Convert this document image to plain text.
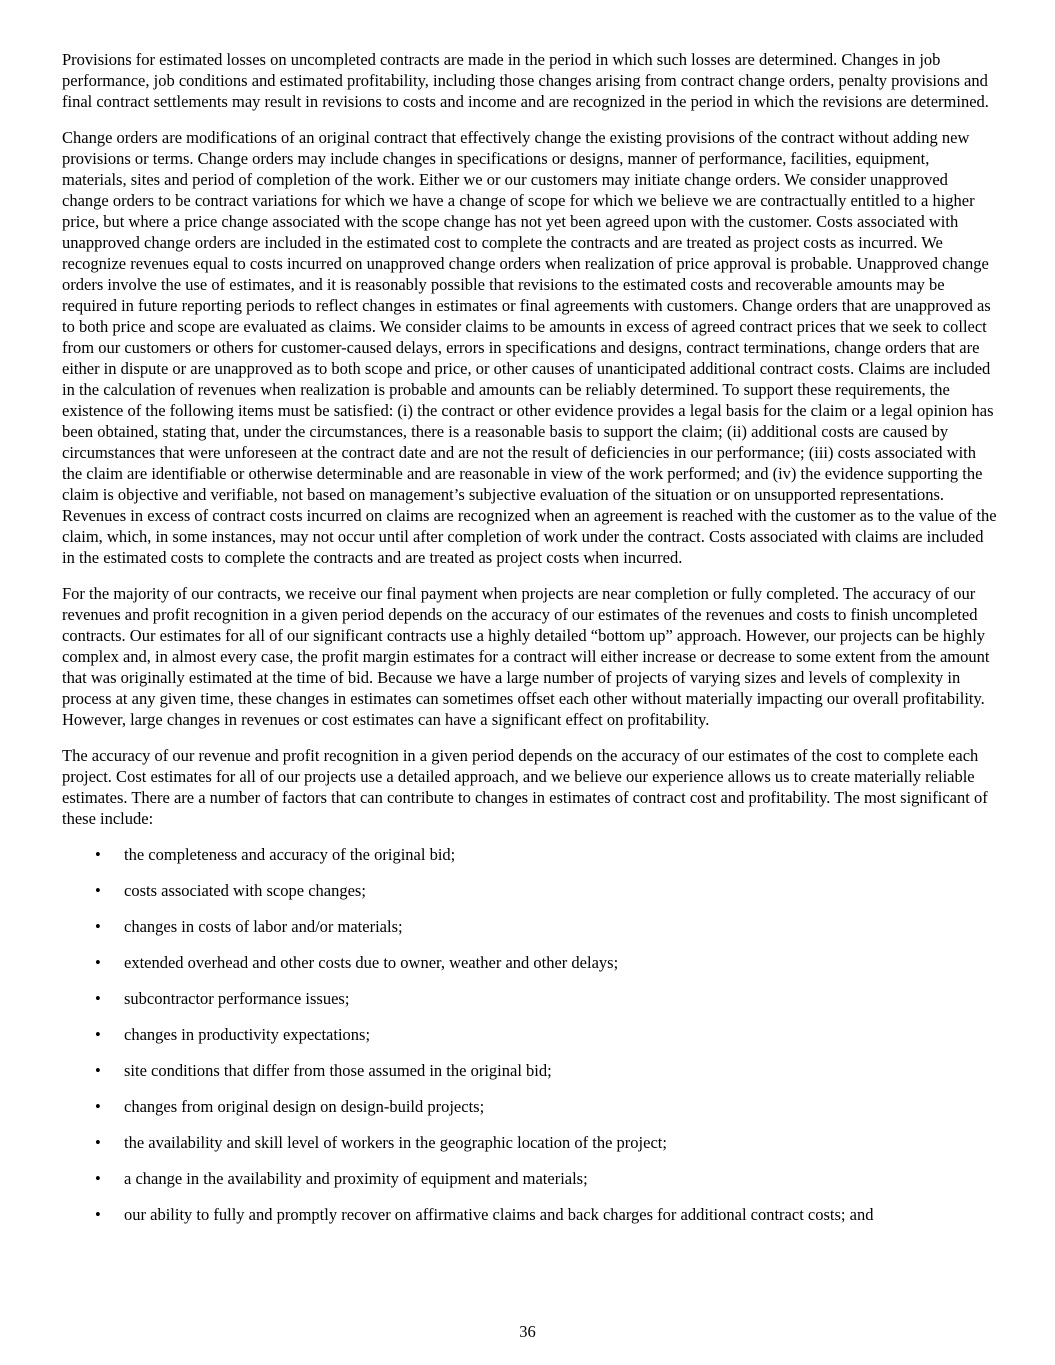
Provisions for estimated losses on uncompleted contracts are made in the period in which such losses are determined. Changes in job performance, job conditions and estimated profitability, including those changes arising from contract change orders, penalty provisions and final contract settlements may result in revisions to costs and income and are recognized in the period in which the revisions are determined.

Change orders are modifications of an original contract that effectively change the existing provisions of the contract without adding new provisions or terms. Change orders may include changes in specifications or designs, manner of performance, facilities, equipment, materials, sites and period of completion of the work. Either we or our customers may initiate change orders. We consider unapproved change orders to be contract variations for which we have a change of scope for which we believe we are contractually entitled to a higher price, but where a price change associated with the scope change has not yet been agreed upon with the customer. Costs associated with unapproved change orders are included in the estimated cost to complete the contracts and are treated as project costs as incurred. We recognize revenues equal to costs incurred on unapproved change orders when realization of price approval is probable. Unapproved change orders involve the use of estimates, and it is reasonably possible that revisions to the estimated costs and recoverable amounts may be required in future reporting periods to reflect changes in estimates or final agreements with customers. Change orders that are unapproved as to both price and scope are evaluated as claims. We consider claims to be amounts in excess of agreed contract prices that we seek to collect from our customers or others for customer-caused delays, errors in specifications and designs, contract terminations, change orders that are either in dispute or are unapproved as to both scope and price, or other causes of unanticipated additional contract costs. Claims are included in the calculation of revenues when realization is probable and amounts can be reliably determined. To support these requirements, the existence of the following items must be satisfied: (i) the contract or other evidence provides a legal basis for the claim or a legal opinion has been obtained, stating that, under the circumstances, there is a reasonable basis to support the claim; (ii) additional costs are caused by circumstances that were unforeseen at the contract date and are not the result of deficiencies in our performance; (iii) costs associated with the claim are identifiable or otherwise determinable and are reasonable in view of the work performed; and (iv) the evidence supporting the claim is objective and verifiable, not based on management’s subjective evaluation of the situation or on unsupported representations. Revenues in excess of contract costs incurred on claims are recognized when an agreement is reached with the customer as to the value of the claim, which, in some instances, may not occur until after completion of work under the contract. Costs associated with claims are included in the estimated costs to complete the contracts and are treated as project costs when incurred.

For the majority of our contracts, we receive our final payment when projects are near completion or fully completed. The accuracy of our revenues and profit recognition in a given period depends on the accuracy of our estimates of the revenues and costs to finish uncompleted contracts. Our estimates for all of our significant contracts use a highly detailed “bottom up” approach. However, our projects can be highly complex and, in almost every case, the profit margin estimates for a contract will either increase or decrease to some extent from the amount that was originally estimated at the time of bid. Because we have a large number of projects of varying sizes and levels of complexity in process at any given time, these changes in estimates can sometimes offset each other without materially impacting our overall profitability. However, large changes in revenues or cost estimates can have a significant effect on profitability.

The accuracy of our revenue and profit recognition in a given period depends on the accuracy of our estimates of the cost to complete each project. Cost estimates for all of our projects use a detailed approach, and we believe our experience allows us to create materially reliable estimates. There are a number of factors that can contribute to changes in estimates of contract cost and profitability. The most significant of these include:

•	the completeness and accuracy of the original bid;
•	costs associated with scope changes;
•	changes in costs of labor and/or materials;
•	extended overhead and other costs due to owner, weather and other delays;
•	subcontractor performance issues;
•	changes in productivity expectations;
•	site conditions that differ from those assumed in the original bid;
•	changes from original design on design-build projects;
•	the availability and skill level of workers in the geographic location of the project;
•	a change in the availability and proximity of equipment and materials;
•	our ability to fully and promptly recover on affirmative claims and back charges for additional contract costs; and
36
